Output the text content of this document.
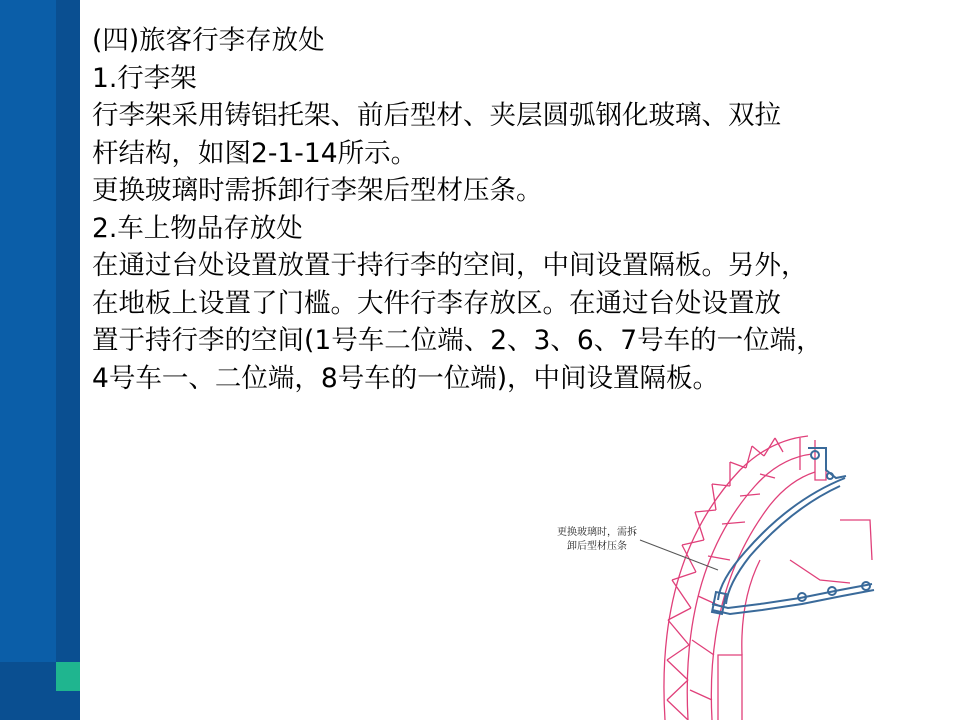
(四)旅客行李存放处

1.行李架

行李架采用铸铝托架、前后型材、夹层圆弧钢化玻璃、双拉

杆结构，如图2-1-14所示。

更换玻璃时需拆卸行李架后型材压条。

2.车上物品存放处

在通过台处设置放置于持行李的空间，中间设置隔板。另外，

在地板上设置了门槛。大件行李存放区。在通过台处设置放

置于持行李的空间(1号车二位端、2、3、6、7号车的一位端，

4号车一、二位端，8号车的一位端)，中间设置隔板。

更换玻璃时，需拆
卸后型材压条
